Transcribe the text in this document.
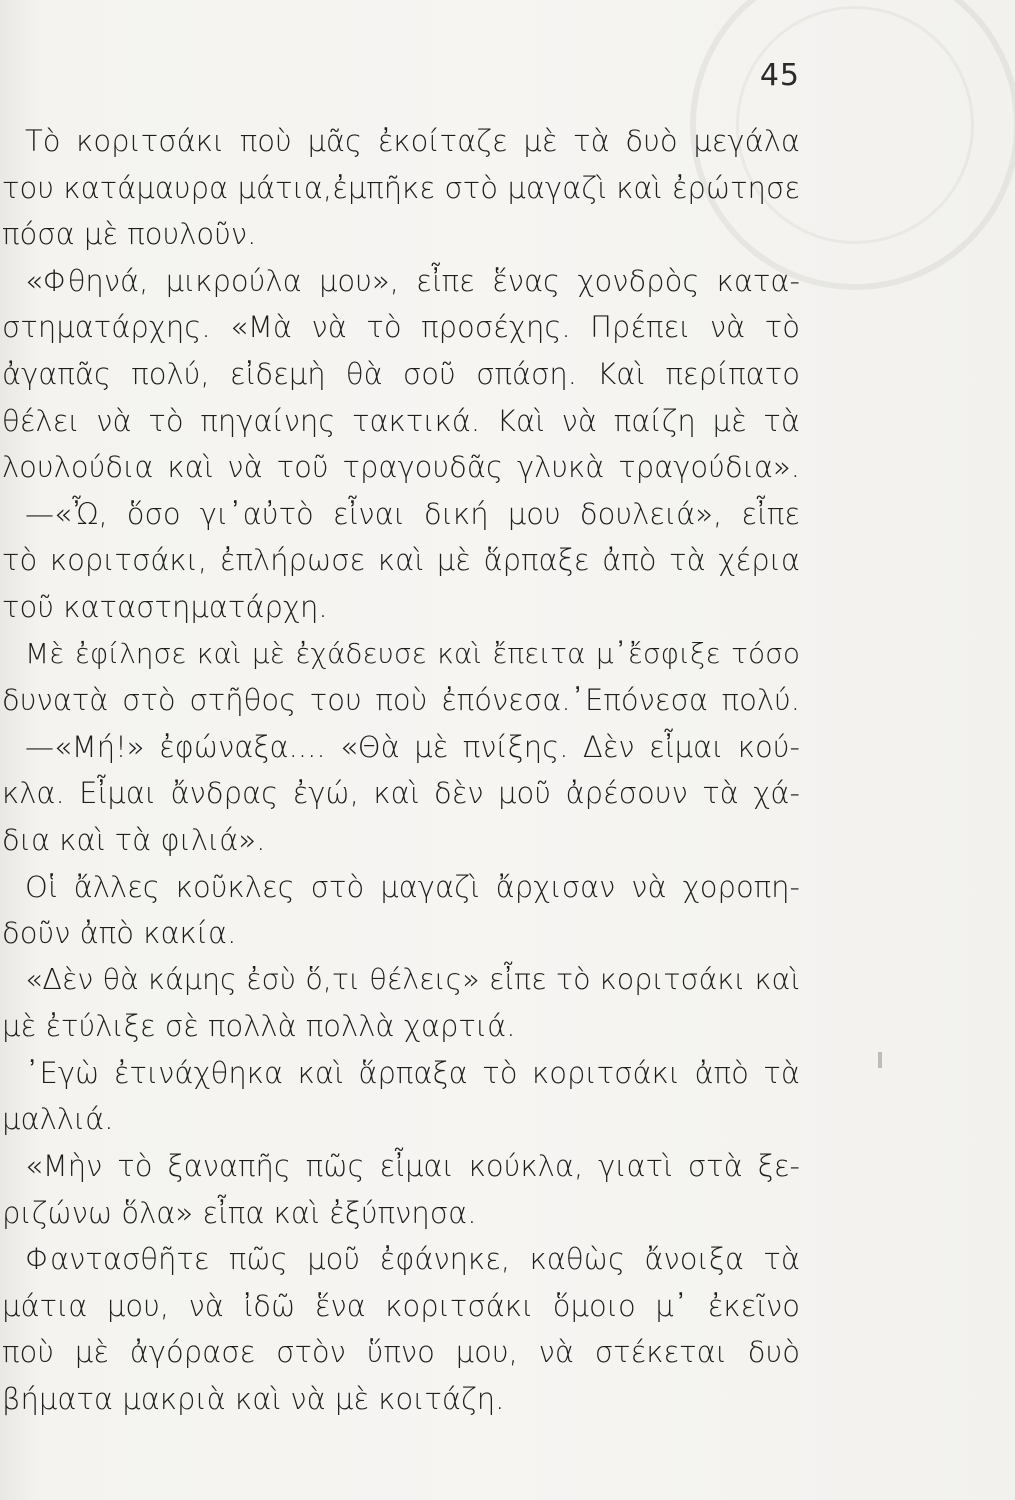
45
Τὸ κοριτσάκι ποὺ μᾶς ἐκοίταζε μὲ τὰ δυὸ μεγάλα
του κατάμαυρα μάτια,ἐμπῆκε στὸ μαγαζὶ καὶ ἐρώτησε
πόσα μὲ πουλοῦν.
«Φθηνά, μικρούλα μου», εἶπε ἕνας χονδρὸς κατα-
στηματάρχης. «Μὰ νὰ τὸ προσέχης. Πρέπει νὰ τὸ
ἀγαπᾶς πολύ, εἰδεμὴ θὰ σοῦ σπάση. Καὶ περίπατο
θέλει νὰ τὸ πηγαίνης τακτικά. Καὶ νὰ παίζη μὲ τὰ
λουλούδια καὶ νὰ τοῦ τραγουδᾶς γλυκὰ τραγούδια».
—«Ὦ, ὅσο γι᾽αὐτὸ εἶναι δική μου δουλειά», εἶπε
τὸ κοριτσάκι, ἐπλήρωσε καὶ μὲ ἅρπαξε ἀπὸ τὰ χέρια
τοῦ καταστηματάρχη.
Μὲ ἐφίλησε καὶ μὲ ἐχάδευσε καὶ ἔπειτα μ᾽ἔσφιξε τόσο
δυνατὰ στὸ στῆθος του ποὺ ἐπόνεσα.᾽Επόνεσα πολύ.
—«Μή!» ἐφώναξα.... «Θὰ μὲ πνίξης. Δὲν εἶμαι κού-
κλα. Εἶμαι ἄνδρας ἐγώ, καὶ δὲν μοῦ ἀρέσουν τὰ χά-
δια καὶ τὰ φιλιά».
Οἱ ἄλλες κοῦκλες στὸ μαγαζὶ ἄρχισαν νὰ χοροπη-
δοῦν ἀπὸ κακία.
«Δὲν θὰ κάμης ἐσὺ ὅ,τι θέλεις» εἶπε τὸ κοριτσάκι καὶ
μὲ ἐτύλιξε σὲ πολλὰ πολλὰ χαρτιά.
᾽Εγὼ ἐτινάχθηκα καὶ ἅρπαξα τὸ κοριτσάκι ἀπὸ τὰ
μαλλιά.
«Μὴν τὸ ξαναπῆς πῶς εἶμαι κούκλα, γιατὶ στὰ ξε-
ριζώνω ὅλα» εἶπα καὶ ἐξύπνησα.
Φαντασθῆτε πῶς μοῦ ἐφάνηκε, καθὼς ἄνοιξα τὰ
μάτια μου, νὰ ἰδῶ ἕνα κοριτσάκι ὅμοιο μ᾽ ἐκεῖνο
ποὺ μὲ ἀγόρασε στὸν ὕπνο μου, νὰ στέκεται δυὸ
βήματα μακριὰ καὶ νὰ μὲ κοιτάζη.
